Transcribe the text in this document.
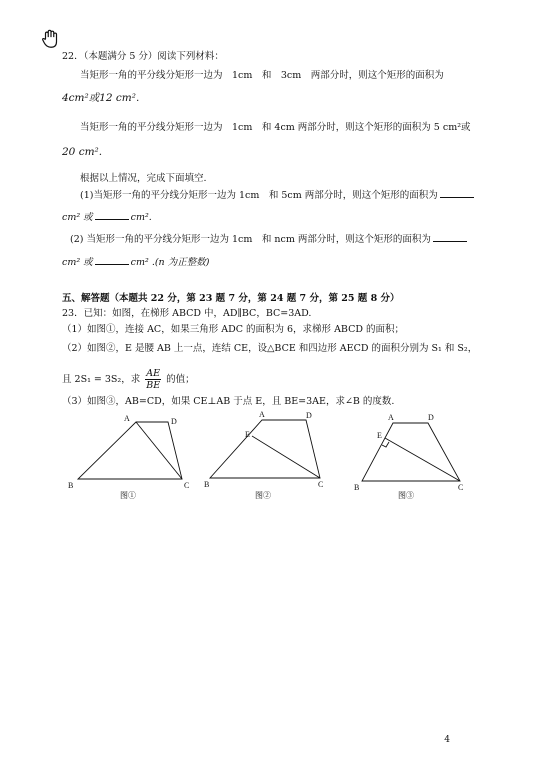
22．（本题满分 5 分）阅读下列材料：
当矩形一角的平分线分矩形一边为　1cm　和　3cm　两部分时，则这个矩形的面积为
4cm²或12 cm².
当矩形一角的平分线分矩形一边为　1cm　和 4cm 两部分时，则这个矩形的面积为 5 cm²或
20 cm².
根据以上情况，完成下面填空.
(1)当矩形一角的平分线分矩形一边为 1cm　和 5cm 两部分时，则这个矩形的面积为
cm² 或	cm².
(2) 当矩形一角的平分线分矩形一边为 1cm　和 ncm 两部分时，则这个矩形的面积为
cm² 或	cm² .(n 为正整数)
五、解答题（本题共 22 分，第 23 题 7 分，第 24 题 7 分，第 25 题 8 分）
23．已知：如图，在梯形 ABCD 中，AD∥BC，BC=3AD.
（1）如图①，连接 AC，如果三角形 ADC 的面积为 6，求梯形 ABCD 的面积；
（2）如图②，E 是腰 AB 上一点，连结 CE，设△BCE 和四边形 AECD 的面积分别为 S₁ 和 S₂，
且 2S₁ = 3S₂，求 $\frac{AE}{BE}$ 的值；
（3）如图③，AB=CD，如果 CE⊥AB 于点 E，且 BE=3AE，求∠B 的度数.
A	D
B	C
图①
A	D
E
B	C
图②
A	D
E
B	C
图③
4
